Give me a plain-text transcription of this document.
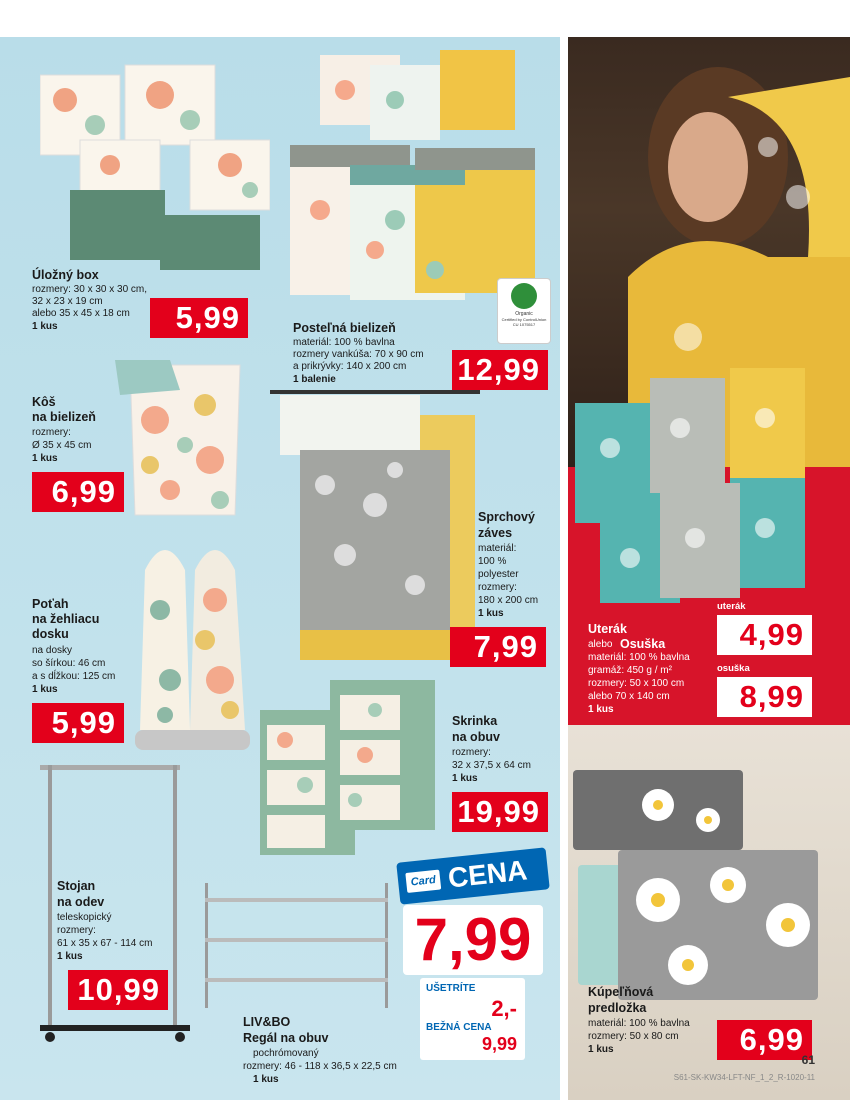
Úložný box
rozmery: 30 x 30 x 30 cm,
32 x 23 x 19 cm
alebo 35 x 45 x 18 cm
1 kus	5,99	Organic
Certified by ControlUnion
CU 1075517
Posteľná bielizeň
materiál: 100 % bavlna
rozmery vankúša: 70 x 90 cm
a prikrývky: 140 x 200 cm
1 balenie	12,99
Kôš
na bielizeň
rozmery:
Ø 35 x 45 cm
1 kus
6,99
Sprchový
záves
materiál:
100 %
polyester
rozmery:
180 x 200 cm
1 kus
7,99
Poťah
na žehliacu
dosku
na dosky
so šírkou: 46 cm
a s dĺžkou: 125 cm
1 kus
5,99	Skrinka
na obuv
rozmery:
32 x 37,5 x 64 cm
1 kus
19,99
Stojan
na odev
teleskopický
rozmery:
61 x 35 x 67 - 114 cm
1 kus
10,99
LIV&BO
Regál na obuv
pochrómovaný
rozmery: 46 - 118 x 36,5 x 22,5 cm
1 kus
Card CENA
7,99
UŠETRÍTE
2,-
BEŽNÁ CENA
9,99
Uterák
alebo Osuška
materiál: 100 % bavlna
gramáž: 450 g / m²
rozmery: 50 x 100 cm
alebo 70 x 140 cm
1 kus
uterák
4,99
osuška
8,99
Kúpeľňová
predložka
materiál: 100 % bavlna
rozmery: 50 x 80 cm
1 kus	6,99
61
S61-SK-KW34-LFT-NF_1_2_R-1020-11
